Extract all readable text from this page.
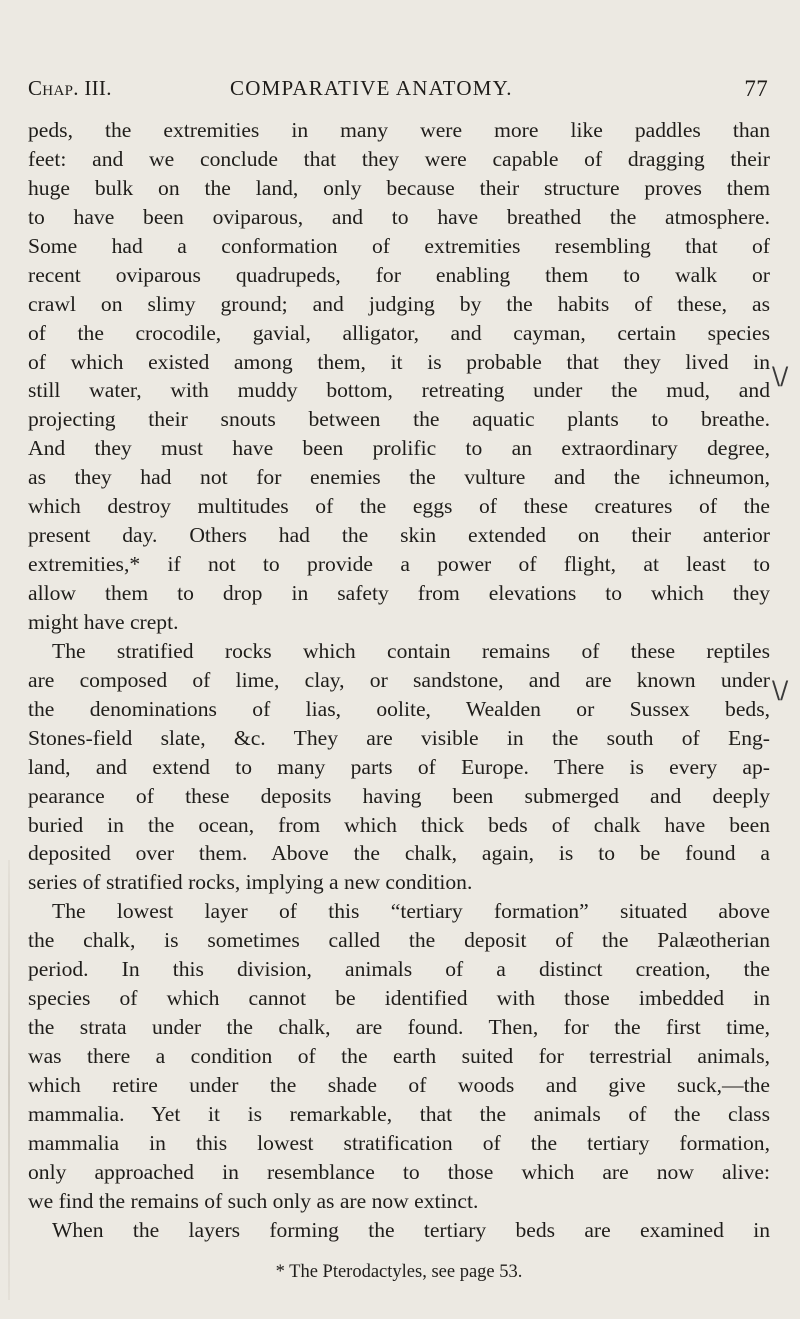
Chap. III.	COMPARATIVE ANATOMY.	77
peds, the extremities in many were more like paddles than
feet: and we conclude that they were capable of dragging their
huge bulk on the land, only because their structure proves them
to have been oviparous, and to have breathed the atmosphere.
Some had a conformation of extremities resembling that of
recent oviparous quadrupeds, for enabling them to walk or
crawl on slimy ground; and judging by the habits of these, as
of the crocodile, gavial, alligator, and cayman, certain species
of which existed among them, it is probable that they lived in
still water, with muddy bottom, retreating under the mud, and
projecting their snouts between the aquatic plants to breathe.
And they must have been prolific to an extraordinary degree,
as they had not for enemies the vulture and the ichneumon,
which destroy multitudes of the eggs of these creatures of the
present day. Others had the skin extended on their anterior
extremities,* if not to provide a power of flight, at least to
allow them to drop in safety from elevations to which they
might have crept.
The stratified rocks which contain remains of these reptiles
are composed of lime, clay, or sandstone, and are known under
the denominations of lias, oolite, Wealden or Sussex beds,
Stones-field slate, &c. They are visible in the south of Eng-
land, and extend to many parts of Europe. There is every ap-
pearance of these deposits having been submerged and deeply
buried in the ocean, from which thick beds of chalk have been
deposited over them. Above the chalk, again, is to be found a
series of stratified rocks, implying a new condition.
The lowest layer of this “tertiary formation” situated above
the chalk, is sometimes called the deposit of the Palæotherian
period. In this division, animals of a distinct creation, the
species of which cannot be identified with those imbedded in
the strata under the chalk, are found. Then, for the first time,
was there a condition of the earth suited for terrestrial animals,
which retire under the shade of woods and give suck,—the
mammalia. Yet it is remarkable, that the animals of the class
mammalia in this lowest stratification of the tertiary formation,
only approached in resemblance to those which are now alive:
we find the remains of such only as are now extinct.
When the layers forming the tertiary beds are examined in
* The Pterodactyles, see page 53.
\/
\/
